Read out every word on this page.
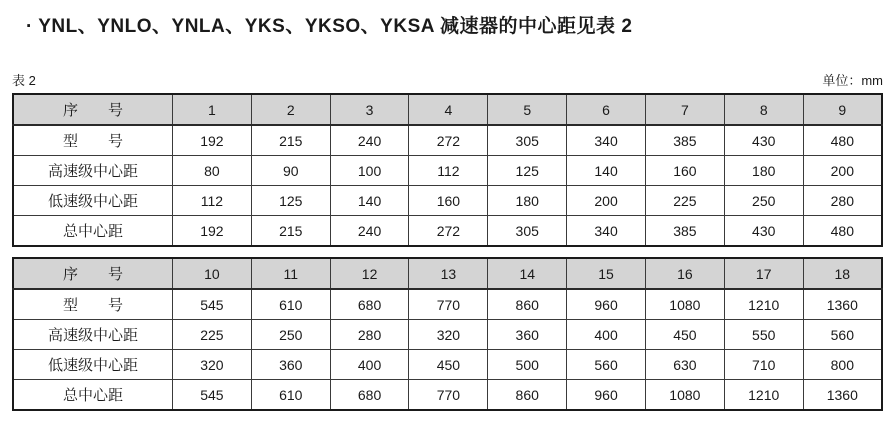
· YNL、YNLO、YNLA、YKS、YKSO、YKSA 减速器的中心距见表 2
表 2	单位：mm
序　　号	1	2	3	4	5	6	7	8	9
型　　号	192	215	240	272	305	340	385	430	480
高速级中心距	80	90	100	112	125	140	160	180	200
低速级中心距	112	125	140	160	180	200	225	250	280
总中心距	192	215	240	272	305	340	385	430	480
序　　号	10	11	12	13	14	15	16	17	18
型　　号	545	610	680	770	860	960	1080	1210	1360
高速级中心距	225	250	280	320	360	400	450	550	560
低速级中心距	320	360	400	450	500	560	630	710	800
总中心距	545	610	680	770	860	960	1080	1210	1360
